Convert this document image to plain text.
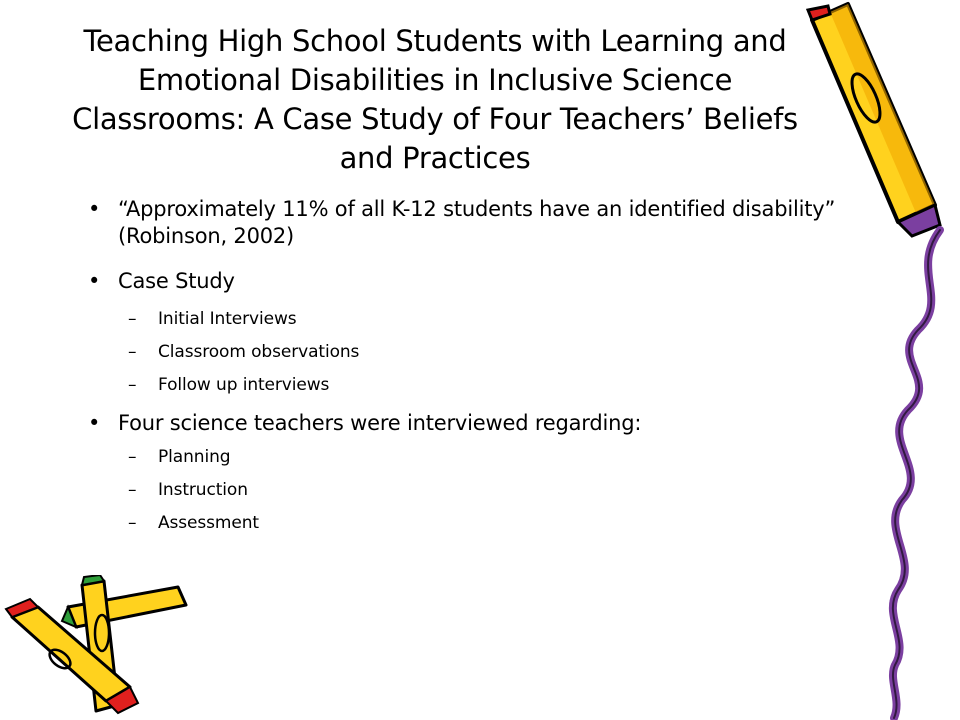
Teaching High School Students with Learning and Emotional Disabilities in Inclusive Science Classrooms: A Case Study of Four Teachers’ Beliefs and Practices
• “Approximately 11% of all K-12 students have an identified disability” (Robinson, 2002)
• Case Study
– Initial Interviews
– Classroom observations
– Follow up interviews
• Four science teachers were interviewed regarding:
– Planning
– Instruction
– Assessment
